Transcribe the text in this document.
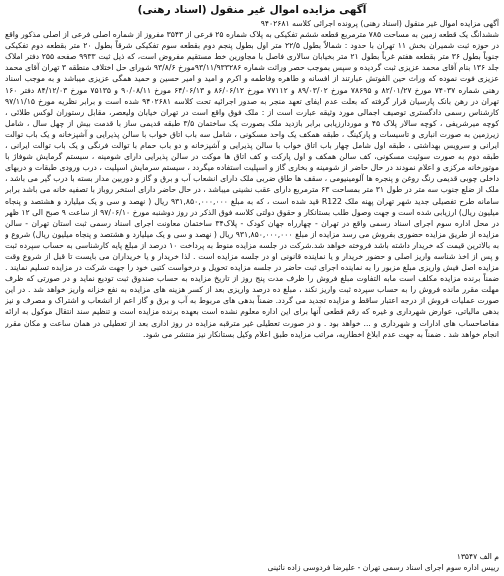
آگهی مزایده اموال غیر منقول (اسناد رهنی)

آگهی مزایده اموال غیر منقول (اسناد رهنی) پرونده اجرائی کلاسه ۹۴۰۲۶۸۱
ششدانگ یک قطعه زمین به مساحت ۷۸۵ مترمربع قطعه ششم تفکیکی به پلاک شماره ۲۵ فرعی از ۳۵۴۳ مفروز از شماره اصلی فرعی از اصلی مذکور واقع در حوزه ثبت شمیران بخش ۱۱ تهران با حدود : شمالاً بطول ۲۲/۵ متر اول بطول پنجم دوم بقطعه سوم تفکیکی شرقاً بطول ۲۰ متر بقطعه دوم تفکیکی جنوباً بطول ۳۶ متر بقطعه هفتم غرباً بطول ۲۱ متر بخیابان سالاری فاصل با مجاورین خط مستقیم مفروض است، که ذیل ثبت ۹۹۳۳ صفحه ۲۵۵ دفتر املاک جلد ۱۳۶ بنام آقای محمد عزیزی ثبت گردیده و سپس بموجب حصر وراثت شماره ۹۳/۱۱/۹۳۳۲۸۶مورخ ۹۳/۸/۶ شورای حل اختلاف منطقه ۳ تهران آقای محمد عزیزی فوت نموده که وراث حین الفوتش عبارتند از افسانه و طاهره وفاطمه و اکرم و امید و امیر حسین و حمید همگی عزیزی میباشد و به موجب اسناد رهنی شماره ۷۴۰۳۷ مورخ ۸۲/۰۱/۲۷ و ۷۸۶۹۵ مورخ ۸۹/۰۳/۰۲ و ۷۷۱۱۲ مورخ ۸۶/۰۶/۱۲ و ۶۴/۰۶/۱۳ مورخ ۹۰/۰۸/۱۱ و ۷۵۱۳۵ مورخ ۸۴/۱۲/۰۳ دفتر ۱۶۰ تهران در رهن بانک پارسیان قرار گرفته که بعلت عدم ایفای تعهد منجر به صدور اجرائیه تحت کلاسه ۹۴۰۲۶۸۱ شده است و برابر نظریه مورخ ۹۷/۱۱/۱۵ کارشناس رسمی دادگستری توصیف اجمالی مورد وثیقه عبارت است از : ملک فوق واقع است در تهران خیابان ولیعصر، مقابل رستوران لوکس طلائی ، کوچه میرشریفی ، کوچه سالار پلاک ۴۵ و موردارزیابی برابر بازدید ملک بصورت یک ساختمان ۳/۵ طبقه قدیمی ساز با قدمت بیش از چهل سال ، شامل زیرزمین به صورت انباری و تاسیسات و پارکینگ ، طبقه همکف یک واحد مسکونی ، شامل سه باب اتاق خواب با سالن پذیرایی و آشپزخانه و یک باب توالت ایرانی و سرویس بهداشتی ، طبقه اول شامل چهار باب اتاق خواب با سالن پذیرایی و آشپزخانه و دو باب حمام با توالت فرنگی و یک باب توالت ایرانی ، طبقه دوم به صورت سوئیت مسکونی، کف سالن همکف و اول پارکت و کف اتاق ها موکت در سالن پذیرایی دارای شومینه ، سیستم گرمایش شوفاژ با موتورخانه مرکزی و اعلام نمودند در حال حاضر از شومینه و بخاری گاز و اسپلیت استفاده میگردد ، سیستم سرمایش اسپلیت ، درب ورودی طبقات و دربهای داخلی چوبی قدیمی رنگ روغن و پنجره ها آلومینیومی ، سقف ها طاق ضربی ملک دارای انشعاب آب و برق و گاز و دوربین مدار بسته با درب گیر می باشد ، ملک از ضلع جنوب سه متر در طول ۳۱ متر بمساحت ۶۳ مترمربع دارای عقب نشینی میباشد ، در حال حاضر دارای استخر روباز با تصفیه خانه می باشد برابر سامانه طرح تفصیلی جدید شهر تهران پهنه ملک R122 قید شده است ، که به مبلغ ۹۳۱,۸۵۰,۰۰۰,۰۰۰ ریال ( نهصد و سی و یک میلیارد و هشتصد و پنجاه میلیون ریال) ارزیابی شده است و جهت وصول طلب بستانکار و حقوق دولتی کلاسه فوق الذکر در روز دوشنبه مورخ ۹۷/۰۶/۱۰ از ساعت ۹ صبح الی ۱۲ ظهر در محل اداره سوم اجرای اسناد رسمی واقع در تهران - چهارراه جهان کودک - پلاک۳۴ ساختمان معاونت اجرای اسناد رسمی ثبت استان تهران - سالن مزایده از طریق مزایده حضوری بفروش می رسد مزایده از مبلغ ۹۳۱,۸۵۰,۰۰۰,۰۰۰ ریال ( نهصد و سی و یک میلیارد و هشتصد و پنجاه میلیون ریال) شروع و به بالاترین قیمت که خریدار داشته باشد فروخته خواهد شد.شرکت در جلسه مزایده منوط به پرداخت ۱۰ درصد از مبلغ پایه کارشناسی به حساب سپرده ثبت و پس از اخذ شناسه واریز اصلی و حضور خریدار و یا نماینده قانونی او در جلسه مزایده است . لذا خریدار و یا خریداران می بایست تا قبل از شروع وقت مزایده اصل فیش واریزی مبلغ مزبور را به نماینده اجرای ثبت حاضر در جلسه مزایده تحویل و درخواست کتبی خود را جهت شرکت در مزایده تسلیم نمایند . ضمناً برنده مزایده مکلف است مابه التفاوت مبلغ فروش را ظرف مدت پنج روز از تاریخ مزایده به حساب صندوق ثبت تودیع نماید و در صورتی که ظرف مهلت مقرر مانده فروش را به حساب سپرده ثبت واریز نکند ، مبلغ ده درصد واریزی بعد از کسر هزینه های مزایده به نفع خزانه واریز خواهد شد . در این صورت عملیات فروش از درجه اعتبار ساقط و مزایده تجدید می گردد. ضمناً بدهی های مربوط به آب و برق و گاز اعم از انشعاب و اشتراک و مصرف و نیز بدهی مالیاتی، عوارض شهرداری و غیره که رقم قطعی آنها برای این اداره معلوم نشده است بعهده برنده مزایده است و تنظیم سند انتقال موکول به ارائه مفاصاحساب های ادارات و شهرداری و ... خواهد بود . و در صورت تعطیلی غیر مترقبه مزایده در روز اداری بعد از تعطیلی در همان ساعت و مکان مقرر انجام خواهد شد . ضمناً به جهت عدم ابلاغ اخطاریه، مراتب مزایده طبق اعلام وکیل بستانکار نیز منتشر می شود.

م الف ۱۳۵۴۷
رییس اداره سوم اجرای اسناد رسمی تهران - علیرضا فردوسی زاده نائینی
